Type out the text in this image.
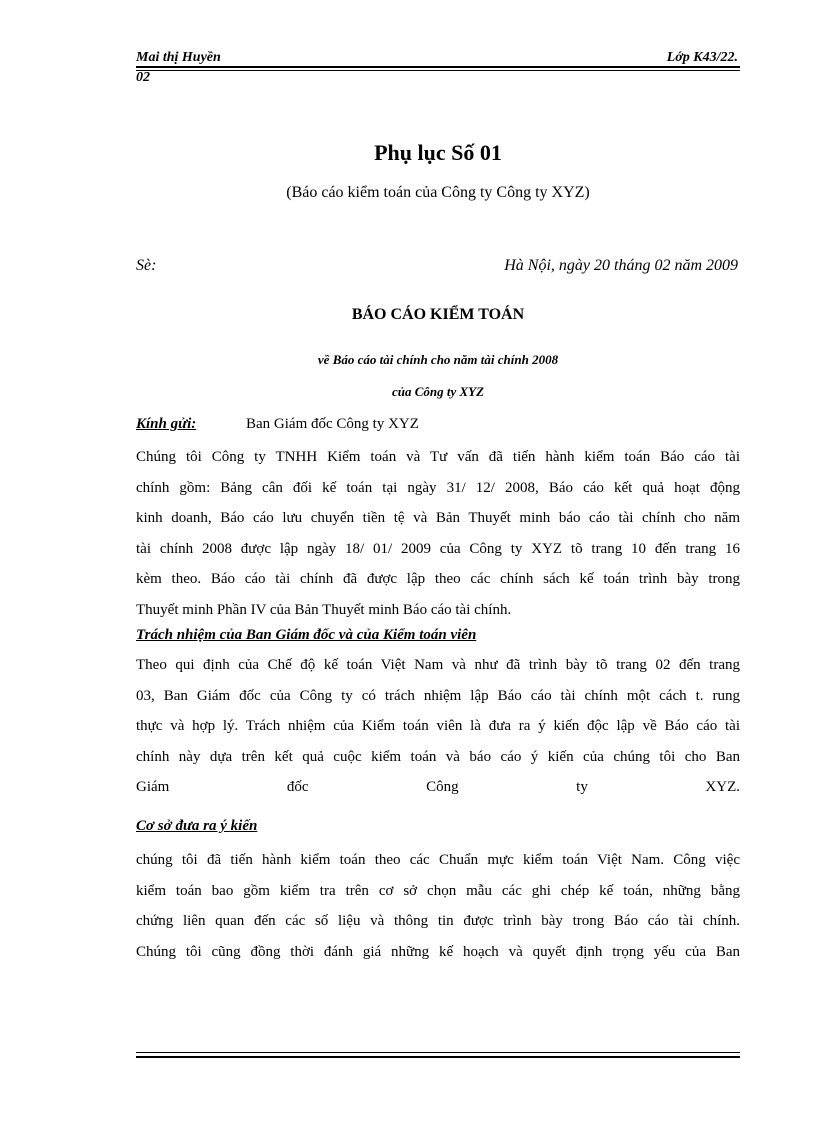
Mai thị Huyền	Lớp K43/22.
02
Phụ lục Số 01
(Báo cáo kiểm toán của Công ty Công ty XYZ)
Sè:	Hà Nội, ngày 20 tháng 02 năm 2009
BÁO CÁO KIỂM TOÁN
về Báo cáo tài chính cho năm tài chính 2008
của Công ty XYZ
Kính gửi:	Ban Giám đốc Công ty XYZ
Chúng tôi Công ty TNHH Kiểm toán và Tư vấn đã tiến hành kiểm toán Báo cáo tài
chính gồm: Bảng cân đối kế toán tại ngày 31/ 12/ 2008, Báo cáo kết quả hoạt động
kinh doanh, Báo cáo lưu chuyển tiền tệ và Bản Thuyết minh báo cáo tài chính cho năm
tài chính 2008 được lập ngày 18/ 01/ 2009 của Công ty XYZ tõ trang 10 đến trang 16
kèm theo. Báo cáo tài chính đã được lập theo các chính sách kế toán trình bày trong
Thuyết minh Phần IV của Bản Thuyết minh Báo cáo tài chính.
Trách nhiệm của Ban Giám đốc và của Kiểm toán viên
Theo qui định của Chế độ kế toán Việt Nam và như đã trình bày tõ trang 02 đến trang
03, Ban Giám đốc của Công ty có trách nhiệm lập Báo cáo tài chính một cách t. rung
thực và hợp lý. Trách nhiệm của Kiểm toán viên là đưa ra ý kiến độc lập về Báo cáo tài
chính này dựa trên kết quả cuộc kiểm toán và báo cáo ý kiến của chúng tôi cho Ban
Giám đốc Công ty XYZ.
Cơ sở đưa ra ý kiến
chúng tôi đã tiến hành kiểm toán theo các Chuẩn mực kiểm toán Việt Nam. Công việc
kiểm toán bao gồm kiểm tra trên cơ sở chọn mẫu các ghi chép kế toán, những bằng
chứng liên quan đến các số liệu và thông tin được trình bày trong Báo cáo tài chính.
Chúng tôi cũng đồng thời đánh giá những kế hoạch và quyết định trọng yếu của Ban
